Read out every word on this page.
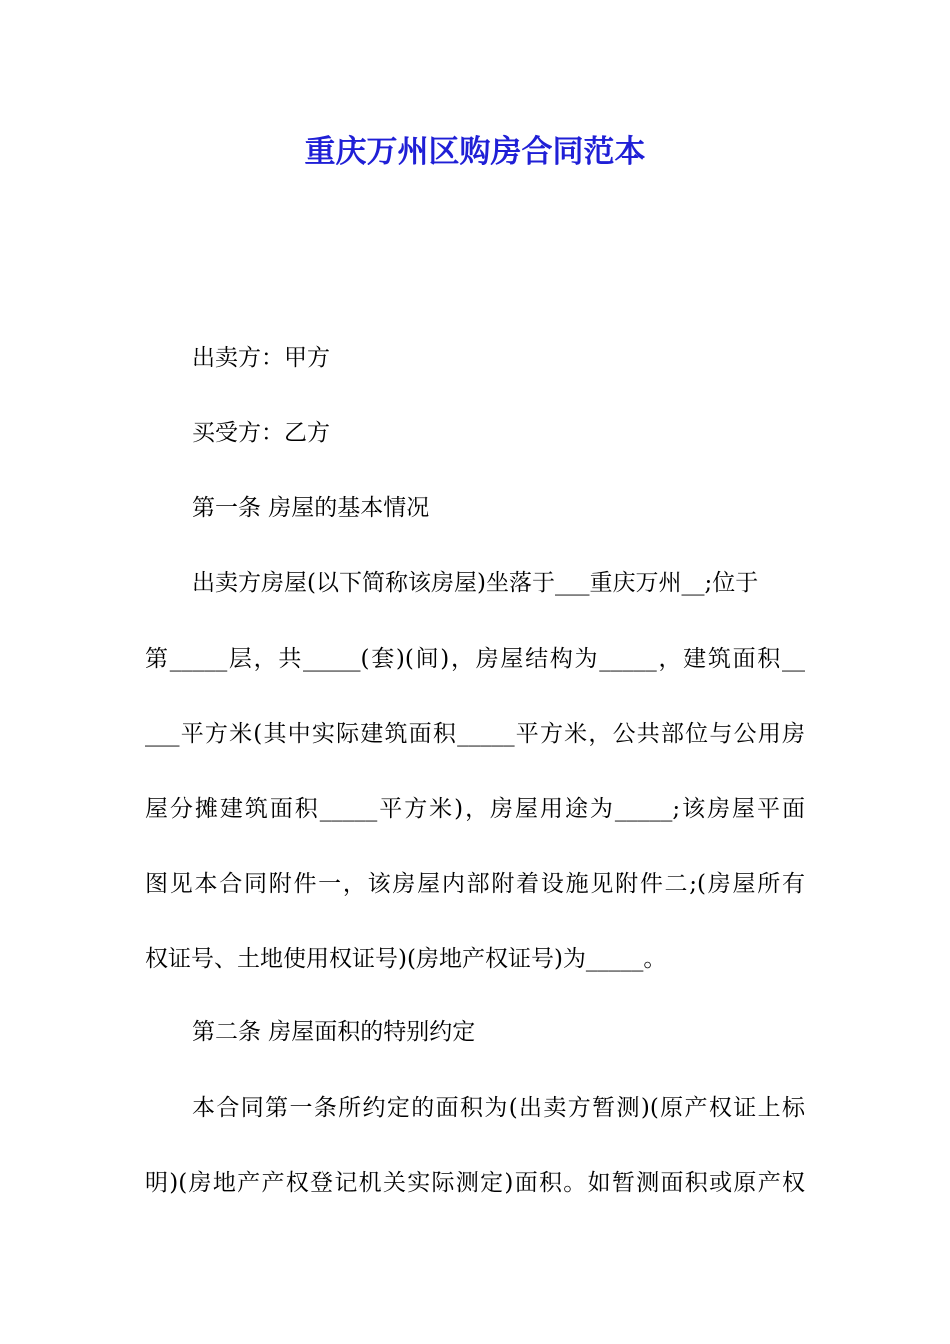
重庆万州区购房合同范本
出卖方：甲方
买受方：乙方
第一条 房屋的基本情况
出卖方房屋(以下简称该房屋)坐落于___重庆万州__;位于
第_____层，共_____(套)(间)，房屋结构为_____，建筑面积__
___平方米(其中实际建筑面积_____平方米，公共部位与公用房
屋分摊建筑面积_____平方米)，房屋用途为_____;该房屋平面
图见本合同附件一，该房屋内部附着设施见附件二;(房屋所有
权证号、土地使用权证号)(房地产权证号)为_____。
第二条 房屋面积的特别约定
本合同第一条所约定的面积为(出卖方暂测)(原产权证上标
明)(房地产产权登记机关实际测定)面积。如暂测面积或原产权
